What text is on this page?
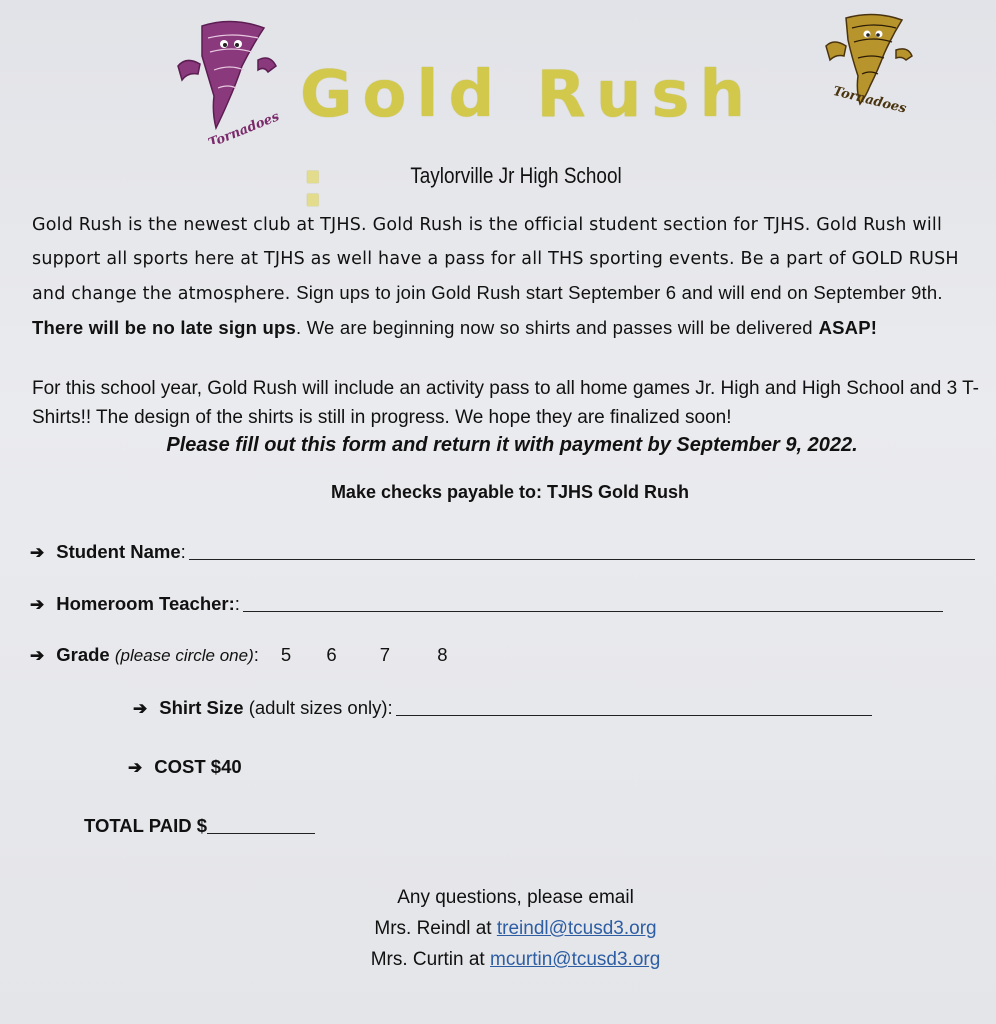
Tornadoes Gold Rush :
Tornadoes
Taylorville Jr High School
Gold Rush is the newest club at TJHS. Gold Rush is the official student section for TJHS. Gold Rush will support all sports here at TJHS as well have a pass for all THS sporting events. Be a part of GOLD RUSH and change the atmosphere. Sign ups to join Gold Rush start September 6 and will end on September 9th. There will be no late sign ups. We are beginning now so shirts and passes will be delivered ASAP!
For this school year, Gold Rush will include an activity pass to all home games Jr. High and High School and 3 T-Shirts!! The design of the shirts is still in progress. We hope they are finalized soon!
Please fill out this form and return it with payment by September 9, 2022.
Make checks payable to: TJHS Gold Rush
➔ Student Name :
➔ Homeroom Teacher: :
➔ Grade
(please circle one) :	5 6 7	8
➔ Shirt Size
(adult sizes only):
➔ COST $40
TOTAL PAID $
Any questions, please email
Mrs. Reindl at treindl@tcusd3.org
Mrs. Curtin at mcurtin@tcusd3.org
